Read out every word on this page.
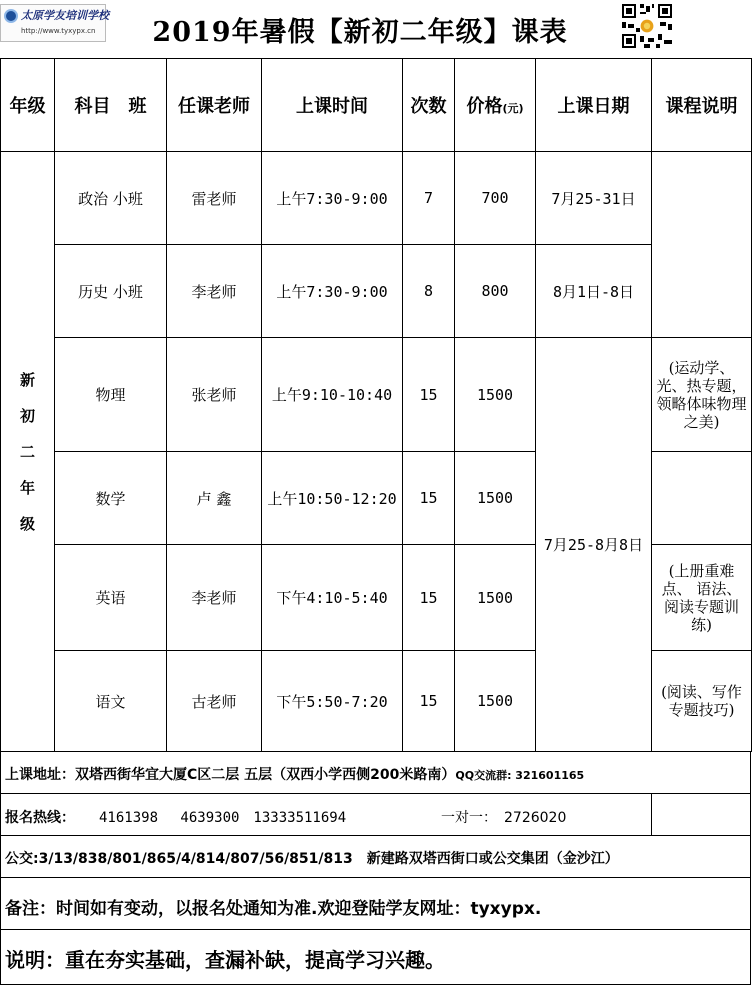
太原学友培训学校
http://www.tyxypx.cn	2019年暑假【新初二年级】课表
年级	科目　班	任课老师	上课时间	次数	价格(元)	上课日期	课程说明

新
初
二
年
级	政治 小班	雷老师	上午7:30-9:00	7	700	7月25-31日	
	历史 小班	李老师	上午7:30-9:00	8	800	8月1日-8日	
	物理	张老师	上午9:10-10:40	15	1500	7月25-8月8日	(运动学、光、热专题，领略体味物理之美)
	数学	卢 鑫	上午10:50-12:20	15	1500		
	英语	李老师	下午4:10-5:40	15	1500		(上册重难点、 语法、阅读专题训练)
	语文	古老师	下午5:50-7:20	15	1500		(阅读、写作专题技巧)
上课地址：双塔西街华宜大厦C区二层 五层（双西小学西侧200米路南）QQ交流群: 321601165
报名热线： 4161398　 4639300　13333511694	一对一：　2726020
公交:3/13/838/801/865/4/814/807/56/851/813　新建路双塔西街口或公交集团（金沙江）
备注：时间如有变动，以报名处通知为准.欢迎登陆学友网址：tyxypx.
说明：重在夯实基础，查漏补缺，提高学习兴趣。
